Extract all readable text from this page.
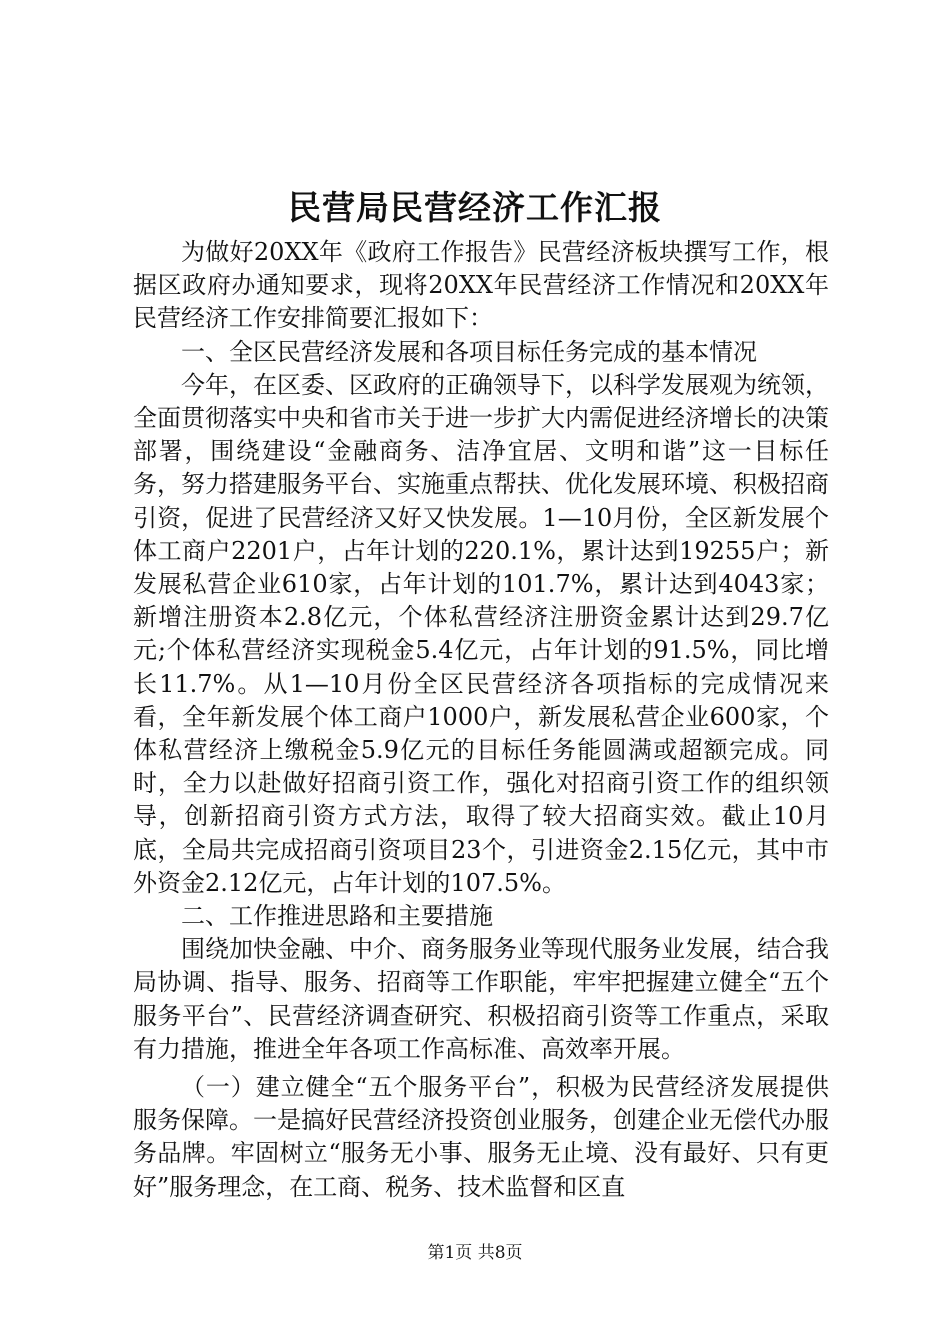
民营局民营经济工作汇报

为做好20XX年《政府工作报告》民营经济板块撰写工作，根据区政府办通知要求，现将20XX年民营经济工作情况和20XX年民营经济工作安排简要汇报如下：

一、全区民营经济发展和各项目标任务完成的基本情况

今年，在区委、区政府的正确领导下，以科学发展观为统领，全面贯彻落实中央和省市关于进一步扩大内需促进经济增长的决策部署，围绕建设“金融商务、洁净宜居、文明和谐”这一目标任务，努力搭建服务平台、实施重点帮扶、优化发展环境、积极招商引资，促进了民营经济又好又快发展。1—10月份，全区新发展个体工商户2201户，占年计划的220.1%，累计达到19255户；新发展私营企业610家，占年计划的101.7%，累计达到4043家；新增注册资本2.8亿元，个体私营经济注册资金累计达到29.7亿元;个体私营经济实现税金5.4亿元，占年计划的91.5%，同比增长11.7%。从1—10月份全区民营经济各项指标的完成情况来看，全年新发展个体工商户1000户，新发展私营企业600家，个体私营经济上缴税金5.9亿元的目标任务能圆满或超额完成。同时，全力以赴做好招商引资工作，强化对招商引资工作的组织领导，创新招商引资方式方法，取得了较大招商实效。截止10月底，全局共完成招商引资项目23个，引进资金2.15亿元，其中市外资金2.12亿元，占年计划的107.5%。

二、工作推进思路和主要措施

围绕加快金融、中介、商务服务业等现代服务业发展，结合我局协调、指导、服务、招商等工作职能，牢牢把握建立健全“五个服务平台”、民营经济调查研究、积极招商引资等工作重点，采取有力措施，推进全年各项工作高标准、高效率开展。

（一）建立健全“五个服务平台”，积极为民营经济发展提供服务保障。一是搞好民营经济投资创业服务，创建企业无偿代办服务品牌。牢固树立“服务无小事、服务无止境、没有最好、只有更好”服务理念，在工商、税务、技术监督和区直

第1页 共8页
